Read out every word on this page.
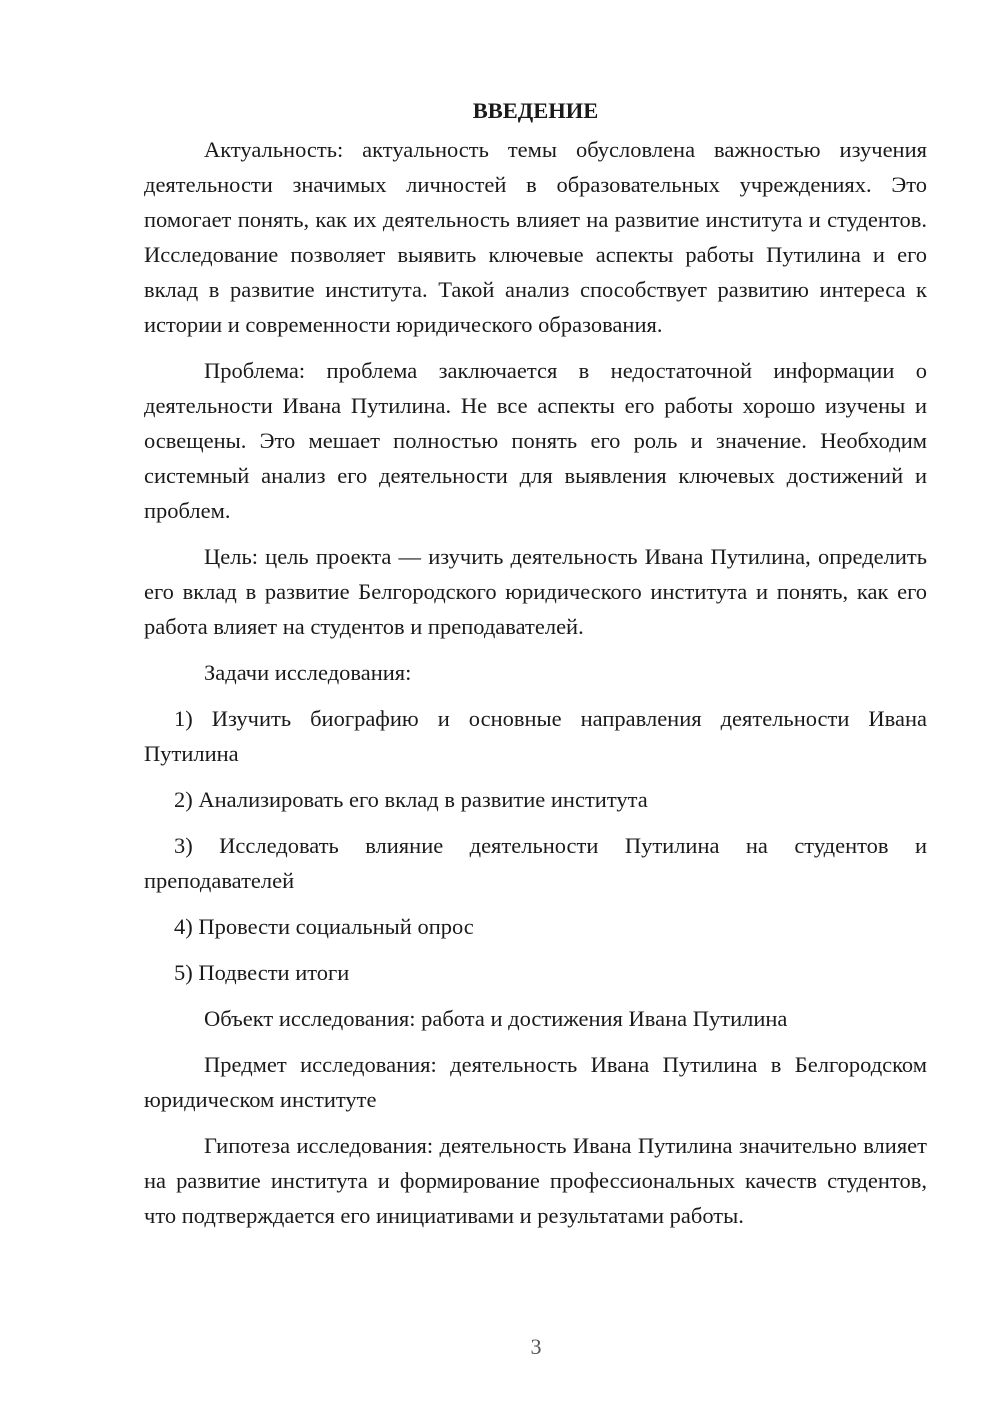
ВВЕДЕНИЕ

Актуальность: актуальность темы обусловлена важностью изучения деятельности значимых личностей в образовательных учреждениях. Это помогает понять, как их деятельность влияет на развитие института и студентов. Исследование позволяет выявить ключевые аспекты работы Путилина и его вклад в развитие института. Такой анализ способствует развитию интереса к истории и современности юридического образования.

Проблема: проблема заключается в недостаточной информации о деятельности Ивана Путилина. Не все аспекты его работы хорошо изучены и освещены. Это мешает полностью понять его роль и значение. Необходим системный анализ его деятельности для выявления ключевых достижений и проблем.

Цель: цель проекта — изучить деятельность Ивана Путилина, определить его вклад в развитие Белгородского юридического института и понять, как его работа влияет на студентов и преподавателей.

Задачи исследования:

1) Изучить биографию и основные направления деятельности Ивана Путилина

2) Анализировать его вклад в развитие института

3) Исследовать влияние деятельности Путилина на студентов и преподавателей

4) Провести социальный опрос

5) Подвести итоги

Объект исследования: работа и достижения Ивана Путилина

Предмет исследования: деятельность Ивана Путилина в Белгородском юридическом институте

Гипотеза исследования: деятельность Ивана Путилина значительно влияет на развитие института и формирование профессиональных качеств студентов, что подтверждается его инициативами и результатами работы.

3
